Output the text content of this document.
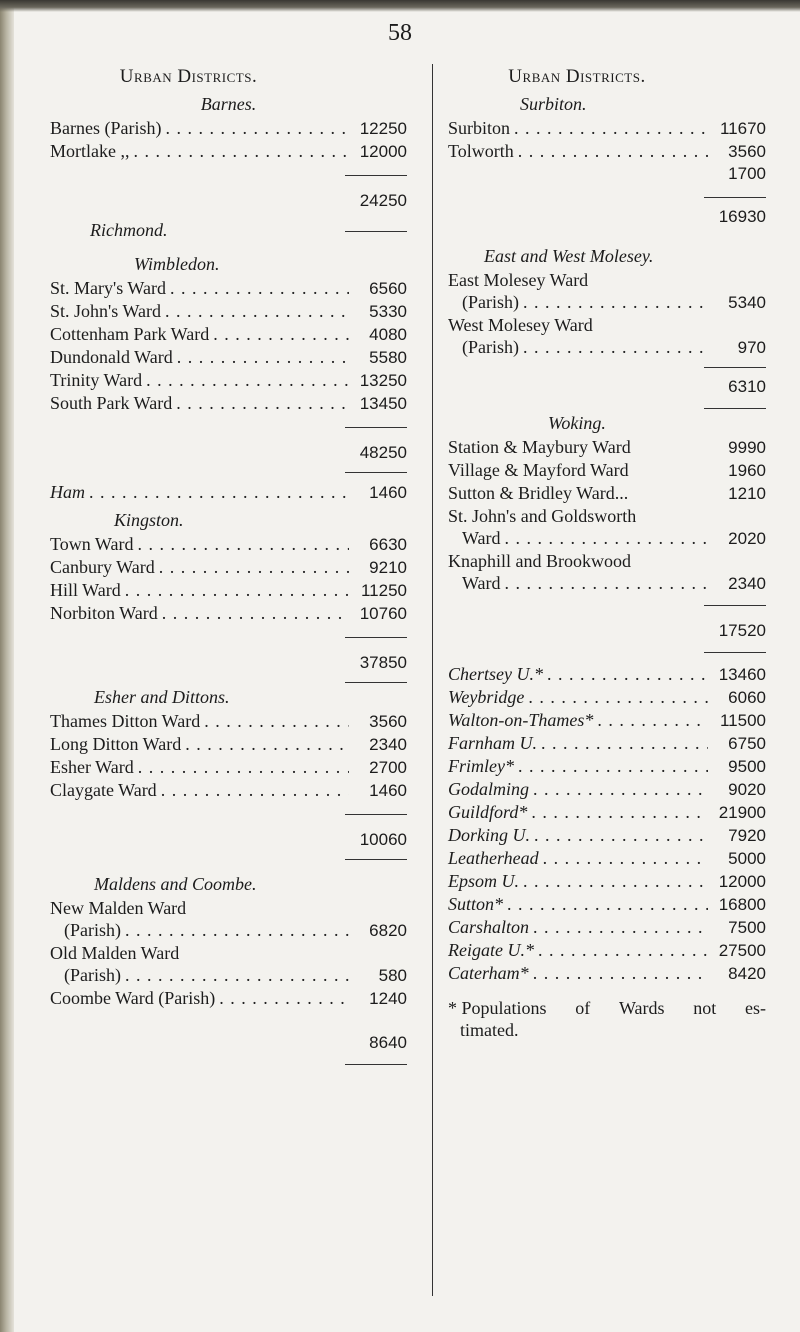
58
Urban Districts.
Barnes.
Barnes (Parish) . . .	12250
Mortlake ,, . . .	12000
24250
Richmond.
Wimbledon.
St. Mary's Ward . . .	6560
St. John's Ward . . .	5330
Cottenham Park Ward . . .	4080
Dundonald Ward . . .	5580
Trinity Ward . . .	13250
South Park Ward . . .	13450
48250
Ham . . .	1460
Kingston.
Town Ward . . .	6630
Canbury Ward . . .	9210
Hill Ward . . .	11250
Norbiton Ward . . .	10760
37850
Esher and Dittons.
Thames Ditton Ward . . .	3560
Long Ditton Ward . . .	2340
Esher Ward . . .	2700
Claygate Ward . . .	1460
10060
Maldens and Coombe.
New Malden Ward
(Parish) . . .	6820
Old Malden Ward
(Parish) . . .	580
Coombe Ward (Parish) . . .	1240
8640
Urban Districts.
Surbiton.
Surbiton . . .	11670
Tolworth . . .	3560
1700
16930
East and West Molesey.
East Molesey Ward
(Parish) . . .	5340
West Molesey Ward
(Parish) . . .	970
6310
Woking.
Station & Maybury Ward	9990
Village & Mayford Ward	1960
Sutton & Bridley Ward...	1210
St. John's and Goldsworth
Ward . . .	2020
Knaphill and Brookwood
Ward . . .	2340
17520
Chertsey U.* . . .	13460
Weybridge . . .	6060
Walton-on-Thames* . . .	11500
Farnham U. . . .	6750
Frimley* . . .	9500
Godalming . . .	9020
Guildford* . . .	21900
Dorking U. . . .	7920
Leatherhead . . .	5000
Epsom U. . . .	12000
Sutton* . . .	16800
Carshalton . . .	7500
Reigate U.* . . .	27500
Caterham* . . .	8420
* Populations of Wards not es-
timated.
